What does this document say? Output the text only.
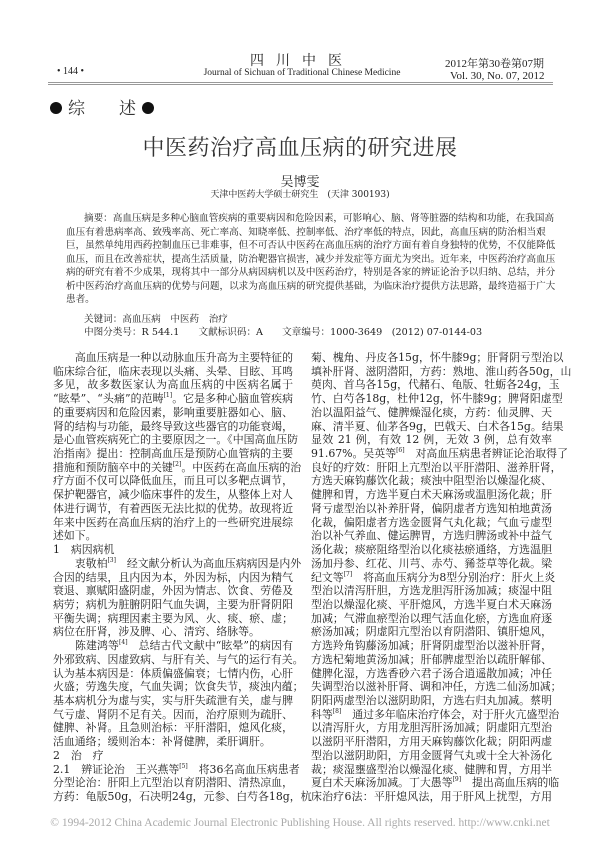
• 144 •
四川中医
Journal of Sichuan of Traditional Chinese Medicine
2012年第30卷第07期
Vol. 30, No. 07, 2012
综　　述
中医药治疗高血压病的研究进展
吴博雯
天津中医药大学硕士研究生　(天津 300193)
摘要：高血压病是多种心脑血管疾病的重要病因和危险因素，可影响心、脑、肾等脏器的结构和功能，在我国高
血压有着患病率高、致残率高、死亡率高、知晓率低、控制率低、治疗率低的特点，因此，高血压病的防治相当艰
巨，虽然单纯用西药控制血压已非难事，但不可否认中医药在高血压病的治疗方面有着自身独特的优势，不仅能降低
血压，而且在改善症状，提高生活质量，防治靶器官损害，减少并发症等方面尤为突出。近年来，中医药治疗高血压
病的研究有着不少成果，现将其中一部分从病因病机以及中医药治疗，特别是各家的辨证论治予以归纳、总结，并分
析中医药治疗高血压病的优势与问题，以求为高血压病的研究提供基础，为临床治疗提供方法思路，最终造福于广大
患者。
关键词：高血压病　中医药　治疗
中图分类号：R 544.1　　文献标识码：A　　文章编号：1000-3649　(2012) 07-0144-03
　　高血压病是一种以动脉血压升高为主要特征的
临床综合征，临床表现以头痛、头晕、目眩、耳鸣
多见，故多数医家认为高血压病的中医病名属于
“眩晕”、“头痛”的范畴[1]。它是多种心脑血管疾病
的重要病因和危险因素，影响重要脏器如心、脑、
肾的结构与功能，最终导致这些器官的功能衰竭，
是心血管疾病死亡的主要原因之一。《中国高血压防
治指南》提出：控制高血压是预防心血管病的主要
措施和预防脑卒中的关键[2]。中医药在高血压病的治
疗方面不仅可以降低血压，而且可以多靶点调节，
保护靶器官，减少临床事件的发生，从整体上对人
体进行调节，有着西医无法比拟的优势。故现将近
年来中医药在高血压病的治疗上的一些研究进展综
述如下。
1　病因病机
　　衷敬柏[3]　经文献分析认为高血压病病因是内外
合因的结果，且内因为本，外因为标，内因为精气
衰退、禀赋阳盛阴虚，外因为情志、饮食、劳倦及
病劳；病机为脏腑阴阳气血失调，主要为肝肾阴阳
平衡失调；病理因素主要为风、火、痰、瘀、虚；
病位在肝肾，涉及脾、心、清窍、络脉等。
　　陈建鸿等[4]　总结古代文献中“眩晕”的病因有
外邪致病、因虚致病、与肝有关、与气的运行有关。
认为基本病因是：体质偏盛偏衰；七情内伤，心肝
火盛；劳逸失度，气血失调；饮食失节，痰浊内蕴；
基本病机分为虚与实，实与肝失疏泄有关，虚与脾
气亏虚、肾阴不足有关。因而，治疗原则为疏肝、
健脾、补肾。且急则治标：平肝潜阳，熄风化痰，
活血通络；缓则治本：补肾健脾，柔肝调肝。
2　治　疗
2.1　辨证论治　王兴燕等[5]　将36名高血压病患者
分型论治：肝阳上亢型治以育阴潜阳、清热凉血，
方药：龟版50g，石决明24g，元参、白芍各18g，杭
菊、槐角、丹皮各15g，怀牛膝9g；肝肾阴亏型治以
填补肝肾、滋阴潜阳，方药：熟地、淮山药各50g，山
萸肉、首乌各15g，代赭石、龟版、牡蛎各24g，玉
竹、白芍各18g，杜仲12g，怀牛膝9g；脾肾阳虚型
治以温阳益气、健脾燥湿化痰，方药：仙灵脾、天
麻、清半夏、仙茅各9g，巴戟天、白术各15g。结果
显效 21 例，有效 12 例，无效 3 例，总有效率
91.67%。吴英等[6]　对高血压病患者辨证论治取得了
良好的疗效：肝阳上亢型治以平肝潜阳、滋养肝肾，
方选天麻钩藤饮化裁；痰浊中阻型治以燥湿化痰、
健脾和胃，方选半夏白术天麻汤或温胆汤化裁；肝
肾亏虚型治以补养肝肾，偏阴虚者方选知柏地黄汤
化裁，偏阳虚者方选金匮肾气丸化裁；气血亏虚型
治以补气养血、健运脾胃，方选归脾汤或补中益气
汤化裁；痰瘀阻络型治以化痰祛瘀通络，方选温胆
汤加丹参、红花、川芎、赤芍、豨莶草等化裁。梁
纪文等[7]　将高血压病分为8型分别治疗：肝火上炎
型治以清泻肝胆，方选龙胆泻肝汤加减；痰湿中阻
型治以燥湿化痰、平肝熄风，方选半夏白术天麻汤
加减；气滞血瘀型治以理气活血化瘀，方选血府逐
瘀汤加减；阴虚阳亢型治以育阴潜阳、镇肝熄风，
方选羚角钩藤汤加减；肝肾阴虚型治以滋补肝肾，
方选杞菊地黄汤加减；肝郁脾虚型治以疏肝解郁、
健脾化湿，方选香砂六君子汤合逍遥散加减；冲任
失调型治以滋补肝肾、调和冲任，方选二仙汤加减；
阴阳两虚型治以滋阴助阳，方选右归丸加减。蔡明
科等[8]　通过多年临床治疗体会，对于肝火亢盛型治
以清泻肝火，方用龙胆泻肝汤加减；阴虚阳亢型治
以滋阴平肝潜阳，方用天麻钩藤饮化裁；阴阳两虚
型治以滋阴助阳，方用金匮肾气丸或十全大补汤化
裁；痰湿壅盛型治以燥湿化痰、健脾和胃，方用半
夏白术天麻汤加减。丁大愚等[9]　提出高血压病的临
床治疗6法：平肝熄风法，用于肝风上扰型，方用
© 1994-2012 China Academic Journal Electronic Publishing House. All rights reserved. http://www.cnki.net
